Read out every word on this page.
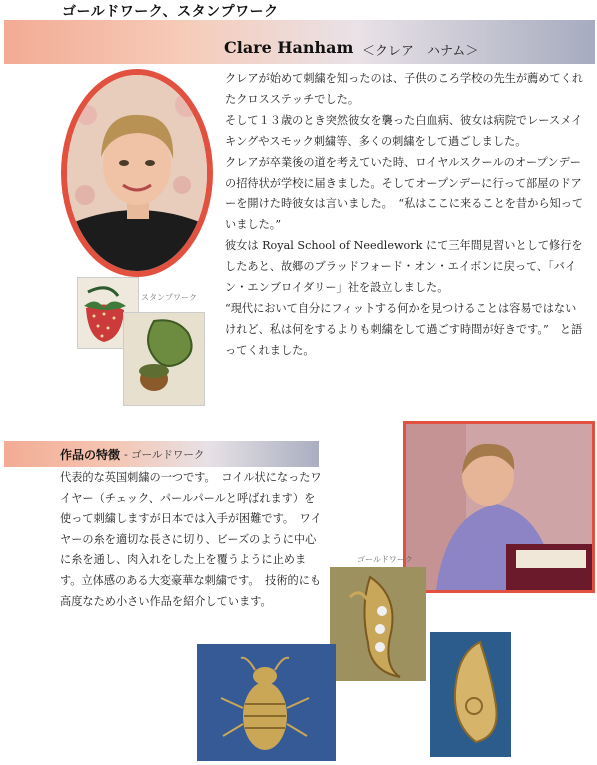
ゴールドワーク、スタンプワーク
Clare Hanham ＜クレア　ハナム＞

クレアが始めて刺繍を知ったのは、子供のころ学校の先生が薦めてくれたクロスステッチでした。

そして１３歳のとき突然彼女を襲った白血病、彼女は病院でレースメイキングやスモック刺繍等、多くの刺繍をして過ごしました。

クレアが卒業後の道を考えていた時、ロイヤルスクールのオープンデーの招待状が学校に届きました。そしてオープンデーに行って部屋のドアーを開けた時彼女は言いました。　“私はここに来ることを昔から知っていました。”

彼女は Royal School of Needlework にて三年間見習いとして修行をしたあと、故郷のブラッドフォード・オン・エイボンに戻って、「バイン・エンブロイダリー」社を設立しました。

“現代において自分にフィットする何かを見つけることは容易ではないけれど、私は何をするよりも刺繍をして過ごす時間が好きです。”　と語ってくれました。

スタンプワーク
作品の特徴 - ゴールドワーク
代表的な英国刺繍の一つです。　コイル状になったワイヤー（チェック、パールパールと呼ばれます）を使って刺繍しますが日本では入手が困難です。　ワイヤーの糸を適切な長さに切り、ビーズのように中心に糸を通し、肉入れをした上を覆うように止めます。立体感のある大変豪華な刺繍です。　技術的にも高度なため小さい作品を紹介しています。
ゴールドワーク
